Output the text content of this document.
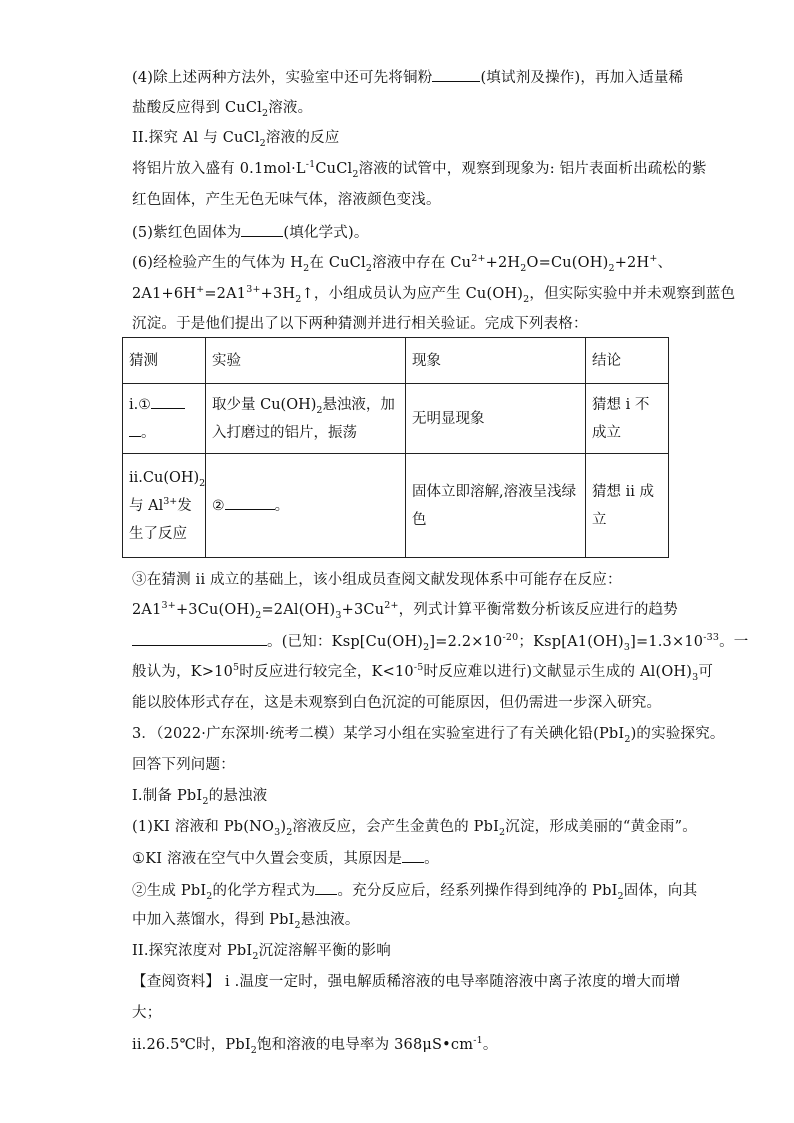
(4)除上述两种方法外，实验室中还可先将铜粉	(填试剂及操作)，再加入适量稀
盐酸反应得到 CuCl$_2$溶液。
II.探究 Al 与 CuCl$_2$溶液的反应
将铝片放入盛有 $0.1mol\cdot L^{-1}CuCl_2$溶液的试管中，观察到现象为: 铝片表面析出疏松的紫
红色固体，产生无色无味气体，溶液颜色变浅。
(5)紫红色固体为	(填化学式)。
(6)经检验产生的气体为 $H_2$在 CuCl$_2$溶液中存在 $Cu^{2+}+2H_2O=Cu(OH)_2+2H^+$、
$2A1+6H^+=2A1^{3+}+3H_2↑$，小组成员认为应产生 $Cu(OH)_2$，但实际实验中并未观察到蓝色
沉淀。于是他们提出了以下两种猜测并进行相关验证。完成下列表格：
猜测	实验	现象	结论
i.①
。	取少量 $Cu(OH)_2$悬浊液，加入打磨过的铝片，振荡	无明显现象	猜想 i 不成立
$ii.Cu(OH)_2$与 $Al^{3+}$发生了反应	② 。	固体立即溶解,溶液呈浅绿色	猜想 ii 成立
③在猜测 ii 成立的基础上，该小组成员查阅文献发现体系中可能存在反应：
$2A1^{3+}+3Cu(OH)_2=2Al(OH)_3+3Cu^{2+}$，列式计算平衡常数分析该反应进行的趋势
。(已知：$Ksp[Cu(OH)_2]=2.2\times 10^{-20}$；$Ksp[A1(OH)_3]=1.3\times 10^{-33}$。一
般认为，$K>10^5$时反应进行较完全，$K<10^{-5}$时反应难以进行)文献显示生成的 $Al(OH)_3$可
能以胶体形式存在，这是未观察到白色沉淀的可能原因，但仍需进一步深入研究。
3．（2022·广东深圳·统考二模）某学习小组在实验室进行了有关碘化铅(PbI$_2$)的实验探究。
回答下列问题：
I.制备 PbI$_2$的悬浊液
(1)KI 溶液和 $Pb(NO_3)_2$溶液反应，会产生金黄色的 PbI$_2$沉淀，形成美丽的“黄金雨”。
①KI 溶液在空气中久置会变质，其原因是 。
②生成 PbI$_2$的化学方程式为 。充分反应后，经系列操作得到纯净的 PbI$_2$固体，向其
中加入蒸馏水，得到 PbI$_2$悬浊液。
II.探究浓度对 PbI$_2$沉淀溶解平衡的影响
【查阅资料】 i .温度一定时，强电解质稀溶液的电导率随溶液中离子浓度的增大而增
大；
ii.26.5℃时，PbI$_2$饱和溶液的电导率为 $368\mu S•cm^{-1}$。
